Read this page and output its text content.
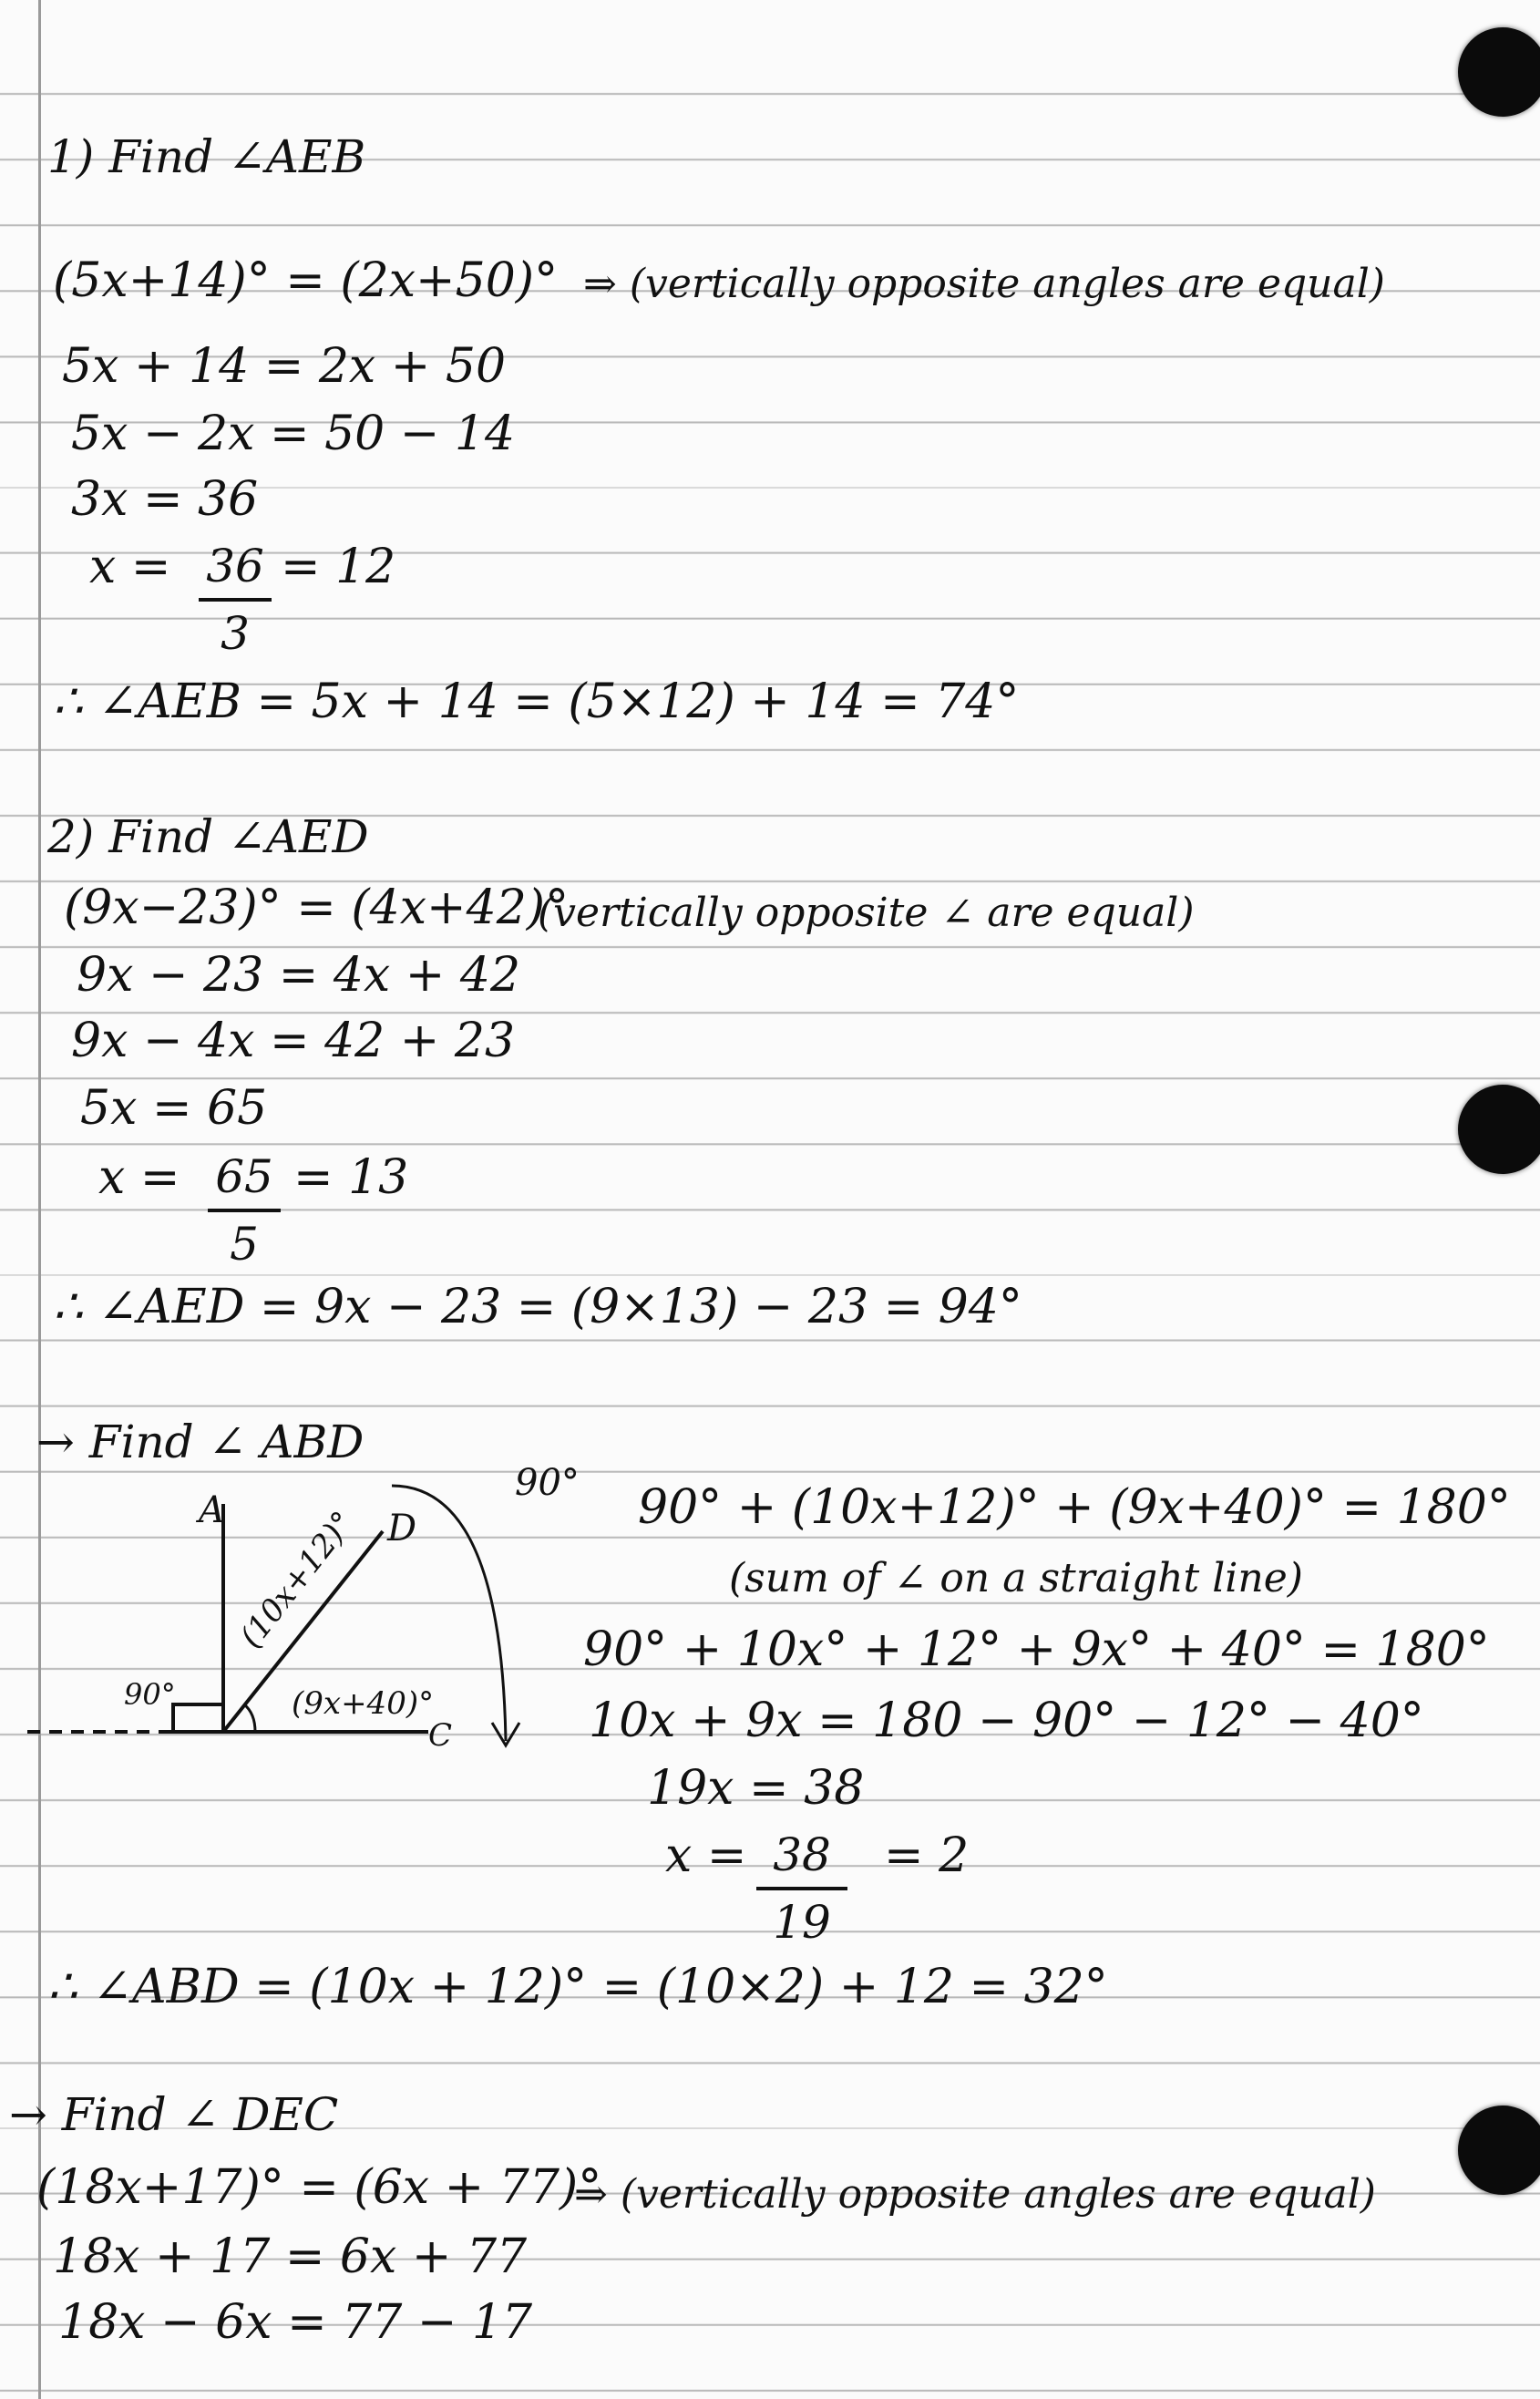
1) Find ∠AEB
(5x+14)° = (2x+50)° ⇒ (vertically opposite angles are equal)
5x + 14 = 2x + 50
5x − 2x = 50 − 14
3x = 36
x = 36
3
= 12
∴ ∠AEB = 5x + 14 = (5×12) + 14 = 74°
2) Find ∠AED
(9x−23)° = (4x+42)°
(vertically opposite ∠ are equal)
9x − 23 = 4x + 42
9x − 4x = 42 + 23
5x = 65
x = 65
5
= 13
∴ ∠AED = 9x − 23 = (9×13) − 23 = 94°
→ Find ∠ ABD
A	D
C
90°
90°
(10x+12)°
(9x+40)°
90° + (10x+12)° + (9x+40)° = 180°
(sum of ∠ on a straight line)
90° + 10x° + 12° + 9x° + 40° = 180°
10x + 9x = 180 − 90° − 12° − 40°
19x = 38
x = 38
19
= 2
∴ ∠ABD = (10x + 12)° = (10×2) + 12 = 32°
→ Find ∠ DEC
(18x+17)° = (6x + 77)°
⇒ (vertically opposite angles are equal)
18x + 17 = 6x + 77
18x − 6x = 77 − 17
